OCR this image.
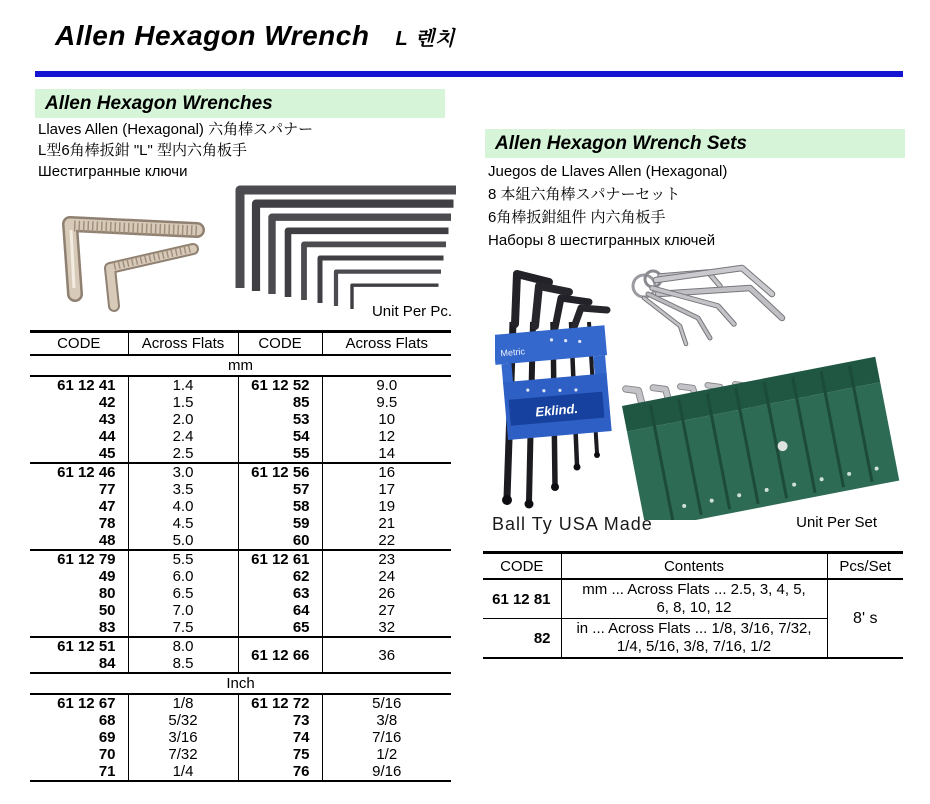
Allen Hexagon Wrench L 렌치
Allen Hexagon Wrenches
Llaves Allen (Hexagonal) 六角棒スパナー
L型6角棒扳鉗 "L" 型内六角板手
Шестигранные ключи
Unit Per Pc.
CODE	Across Flats	CODE	Across Flats
mm			
61 12 41	1.4	61 12 52	9.0
42	1.5	85	9.5
43	2.0	53	10
44	2.4	54	12
45	2.5	55	14
61 12 46	3.0	61 12 56	16
77	3.5	57	17
47	4.0	58	19
78	4.5	59	21
48	5.0	60	22
61 12 79	5.5	61 12 61	23
49	6.0	62	24
80	6.5	63	26
50	7.0	64	27
83	7.5	65	32
61 12 51	8.0	61 12 66	36
84	8.5		
Inch			
61 12 67	1/8	61 12 72	5/16
68	5/32	73	3/8
69	3/16	74	7/16
70	7/32	75	1/2
71	1/4	76	9/16
Allen Hexagon Wrench Sets
Juegos de Llaves Allen (Hexagonal)
8 本組六角棒スパナーセット
6角棒扳鉗組件 内六角板手
Наборы 8 шестигранных ключей
Metric
Eklind.
Ball Ty USA Made	Unit Per Set
CODE	Contents	Pcs/Set
61 12 81	mm ... Across Flats ... 2.5, 3, 4, 5,
6, 8, 10, 12	8' s
82	in ... Across Flats ... 1/8, 3/16, 7/32,
1/4, 5/16, 3/8, 7/16, 1/2	
